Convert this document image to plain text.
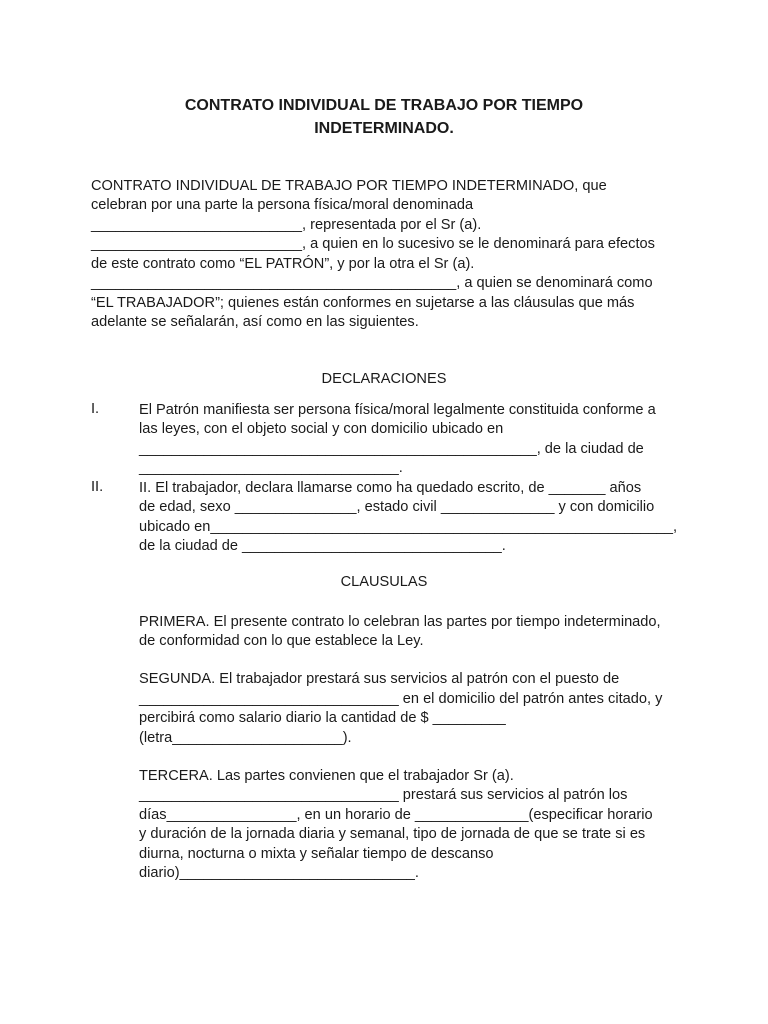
CONTRATO INDIVIDUAL DE TRABAJO POR TIEMPO
INDETERMINADO.
CONTRATO INDIVIDUAL DE TRABAJO POR TIEMPO INDETERMINADO, que
celebran por una parte la persona física/moral denominada
__________________________, representada por el Sr (a).
__________________________, a quien en lo sucesivo se le denominará para efectos
de este contrato como “EL PATRÓN”, y por la otra el Sr (a).
_____________________________________________, a quien se denominará como
“EL TRABAJADOR”; quienes están conformes en sujetarse a las cláusulas que más
adelante se señalarán, así como en las siguientes.
DECLARACIONES
I.	El Patrón manifiesta ser persona física/moral legalmente constituida conforme a
las leyes, con el objeto social y con domicilio ubicado en
_________________________________________________, de la ciudad de
________________________________.
II. II. El trabajador, declara llamarse como ha quedado escrito, de _______ años
de edad, sexo _______________, estado civil ______________ y con domicilio
ubicado en_________________________________________________________,
de la ciudad de ________________________________.
CLAUSULAS
PRIMERA. El presente contrato lo celebran las partes por tiempo indeterminado,
de conformidad con lo que establece la Ley.
SEGUNDA. El trabajador prestará sus servicios al patrón con el puesto de
________________________________ en el domicilio del patrón antes citado, y
percibirá como salario diario la cantidad de $ _________
(letra_____________________).
TERCERA. Las partes convienen que el trabajador Sr (a).
________________________________ prestará sus servicios al patrón los
días________________, en un horario de ______________(especificar horario
y duración de la jornada diaria y semanal, tipo de jornada de que se trate si es
diurna, nocturna o mixta y señalar tiempo de descanso
diario)_____________________________.
